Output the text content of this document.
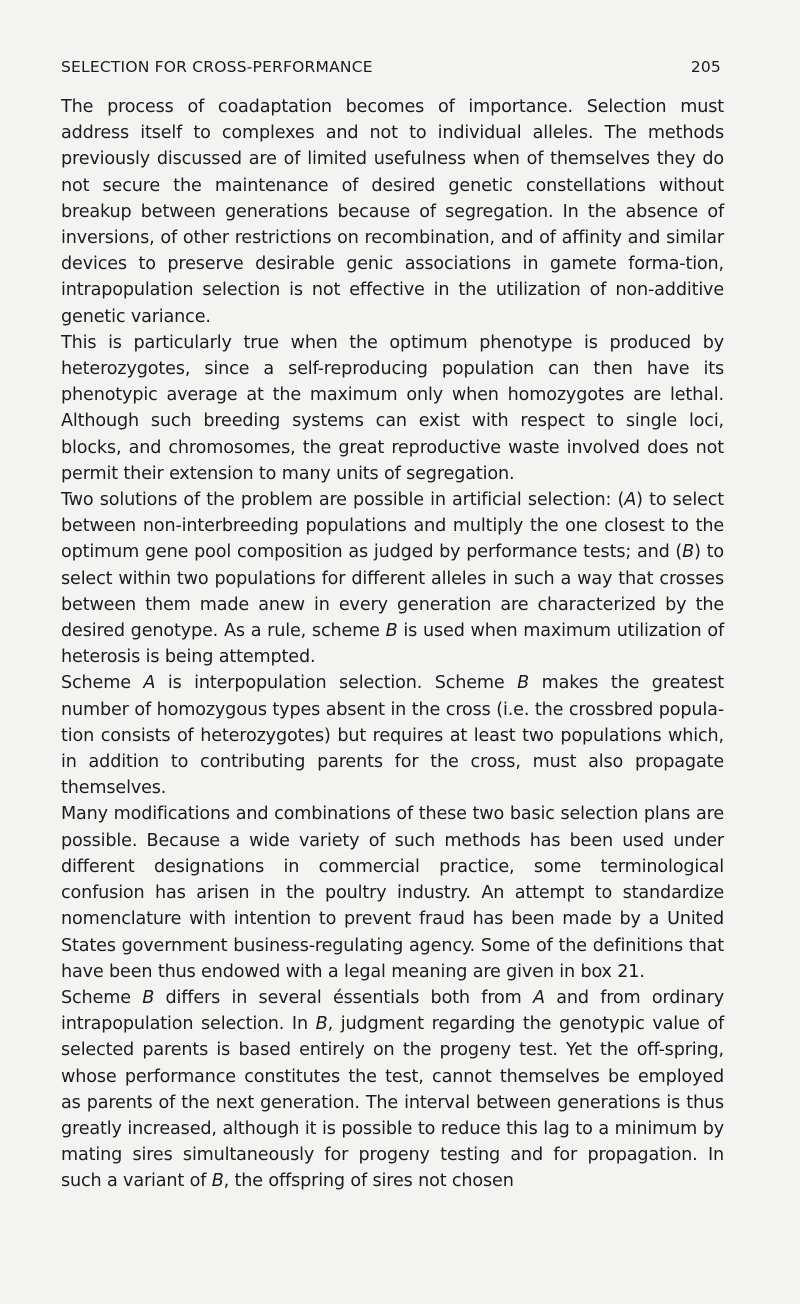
SELECTION FOR CROSS-PERFORMANCE	205

The process of coadaptation becomes of importance. Selection must address itself to complexes and not to individual alleles. The methods previously discussed are of limited usefulness when of themselves they do not secure the maintenance of desired genetic constellations without breakup between generations because of segregation. In the absence of inversions, of other restrictions on recombination, and of affinity and similar devices to preserve desirable genic associations in gamete forma-tion, intrapopulation selection is not effective in the utilization of non-additive genetic variance.

This is particularly true when the optimum phenotype is produced by heterozygotes, since a self-reproducing population can then have its phenotypic average at the maximum only when homozygotes are lethal. Although such breeding systems can exist with respect to single loci, blocks, and chromosomes, the great reproductive waste involved does not permit their extension to many units of segregation.

Two solutions of the problem are possible in artificial selection: (A) to select between non-interbreeding populations and multiply the one closest to the optimum gene pool composition as judged by performance tests; and (B) to select within two populations for different alleles in such a way that crosses between them made anew in every generation are characterized by the desired genotype. As a rule, scheme B is used when maximum utilization of heterosis is being attempted.

Scheme A is interpopulation selection. Scheme B makes the greatest number of homozygous types absent in the cross (i.e. the crossbred popula-tion consists of heterozygotes) but requires at least two populations which, in addition to contributing parents for the cross, must also propagate themselves.

Many modifications and combinations of these two basic selection plans are possible. Because a wide variety of such methods has been used under different designations in commercial practice, some terminological confusion has arisen in the poultry industry. An attempt to standardize nomenclature with intention to prevent fraud has been made by a United States government business-regulating agency. Some of the definitions that have been thus endowed with a legal meaning are given in box 21.

Scheme B differs in several éssentials both from A and from ordinary intrapopulation selection. In B, judgment regarding the genotypic value of selected parents is based entirely on the progeny test. Yet the off-spring, whose performance constitutes the test, cannot themselves be employed as parents of the next generation. The interval between generations is thus greatly increased, although it is possible to reduce this lag to a minimum by mating sires simultaneously for progeny testing and for propagation. In such a variant of B, the offspring of sires not chosen
